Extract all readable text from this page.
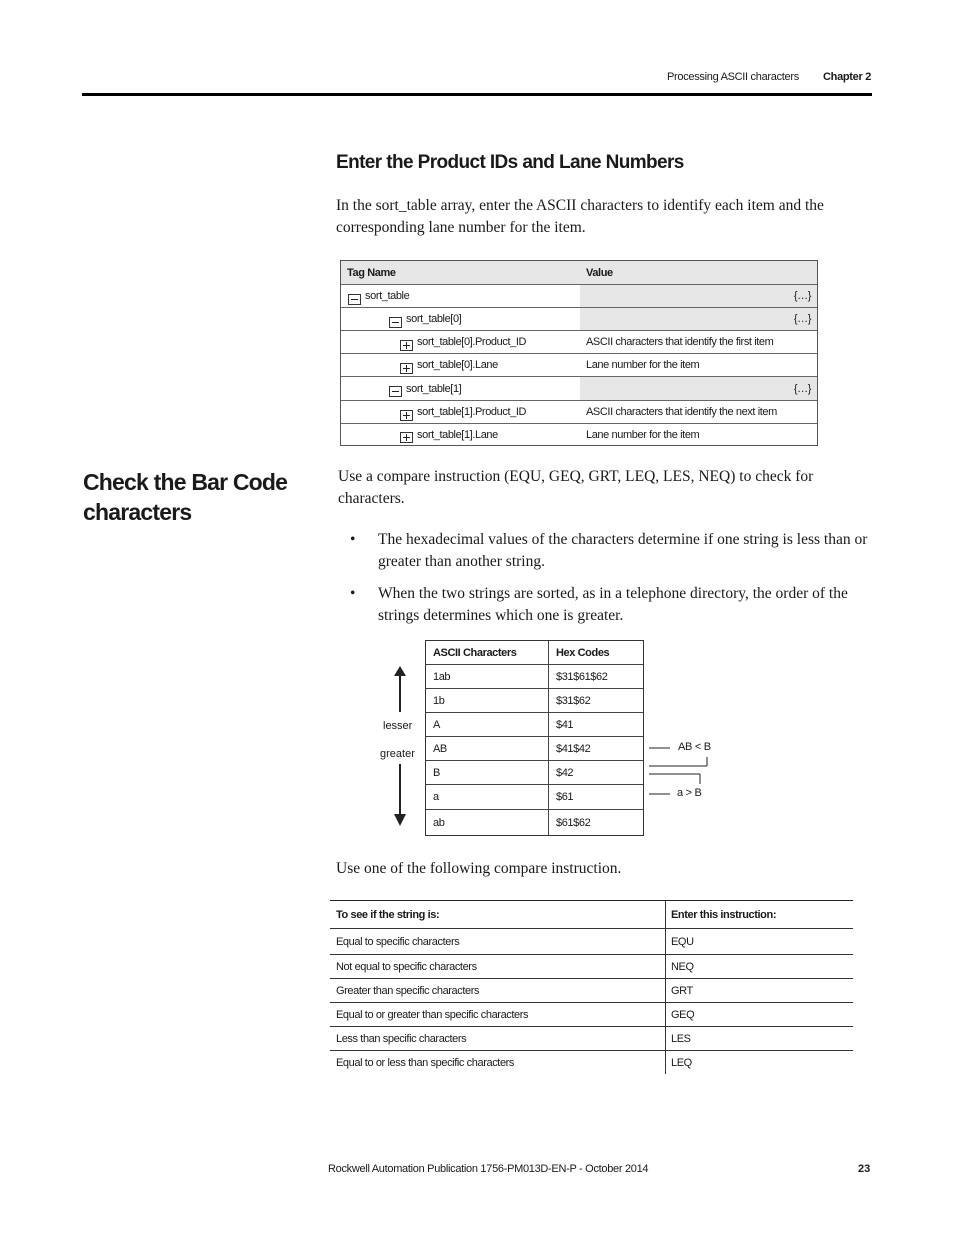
Processing ASCII characters Chapter 2
Enter the Product IDs and Lane Numbers
In the sort_table array, enter the ASCII characters to identify each item and the corresponding lane number for the item.
Tag Name	Value
sort_table	{…}
sort_table[0]	{…}
sort_table[0].Product_ID	ASCII characters that identify the first item
sort_table[0].Lane	Lane number for the item
sort_table[1]	{…}
sort_table[1].Product_ID	ASCII characters that identify the next item
sort_table[1].Lane	Lane number for the item
Check the Bar Code characters
Use a compare instruction (EQU, GEQ, GRT, LEQ, LES, NEQ) to check for characters.
• The hexadecimal values of the characters determine if one string is less than or greater than another string.
• When the two strings are sorted, as in a telephone directory, the order of the strings determines which one is greater.
lesser
greater
ASCII Characters	Hex Codes
1ab	$31$61$62
1b	$31$62
A	$41
AB	$41$42
B	$42
a	$61
ab	$61$62
AB < B
a > B
Use one of the following compare instruction.
To see if the string is:	Enter this instruction:
Equal to specific characters	EQU
Not equal to specific characters	NEQ
Greater than specific characters	GRT
Equal to or greater than specific characters	GEQ
Less than specific characters	LES
Equal to or less than specific characters	LEQ
Rockwell Automation Publication 1756-PM013D-EN-P - October 2014	23
